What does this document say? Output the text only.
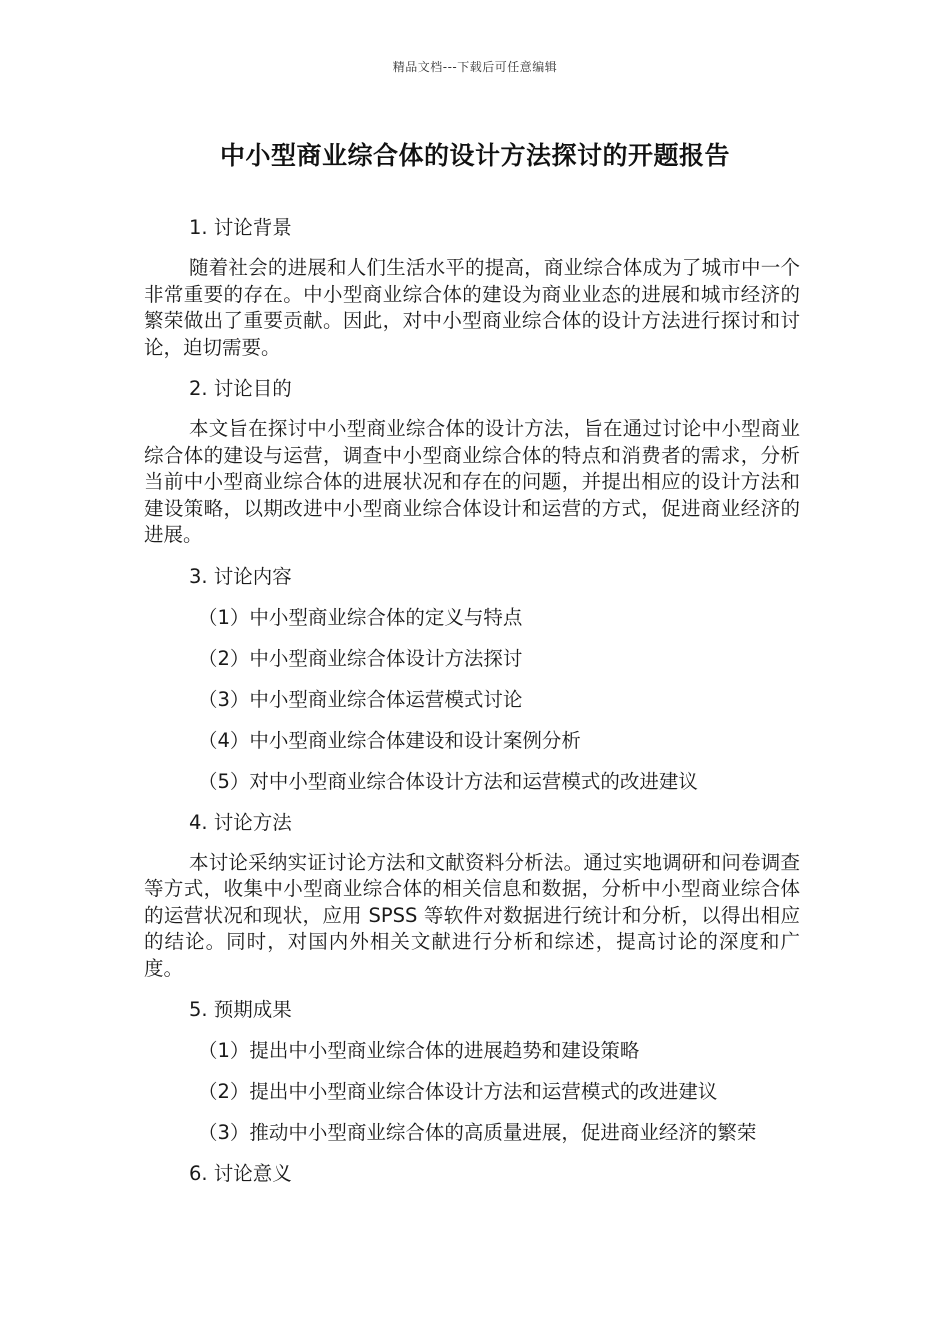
精品文档---下载后可任意编辑
中小型商业综合体的设计方法探讨的开题报告
1. 讨论背景
随着社会的进展和人们生活水平的提高，商业综合体成为了城市中一个非常重要的存在。中小型商业综合体的建设为商业业态的进展和城市经济的繁荣做出了重要贡献。因此，对中小型商业综合体的设计方法进行探讨和讨论，迫切需要。
2. 讨论目的
本文旨在探讨中小型商业综合体的设计方法，旨在通过讨论中小型商业综合体的建设与运营，调查中小型商业综合体的特点和消费者的需求，分析当前中小型商业综合体的进展状况和存在的问题，并提出相应的设计方法和建设策略，以期改进中小型商业综合体设计和运营的方式，促进商业经济的进展。
3. 讨论内容
（1）中小型商业综合体的定义与特点
（2）中小型商业综合体设计方法探讨
（3）中小型商业综合体运营模式讨论
（4）中小型商业综合体建设和设计案例分析
（5）对中小型商业综合体设计方法和运营模式的改进建议
4. 讨论方法
本讨论采纳实证讨论方法和文献资料分析法。通过实地调研和问卷调查等方式，收集中小型商业综合体的相关信息和数据，分析中小型商业综合体的运营状况和现状，应用 SPSS 等软件对数据进行统计和分析，以得出相应的结论。同时，对国内外相关文献进行分析和综述，提高讨论的深度和广度。
5. 预期成果
（1）提出中小型商业综合体的进展趋势和建设策略
（2）提出中小型商业综合体设计方法和运营模式的改进建议
（3）推动中小型商业综合体的高质量进展，促进商业经济的繁荣
6. 讨论意义
